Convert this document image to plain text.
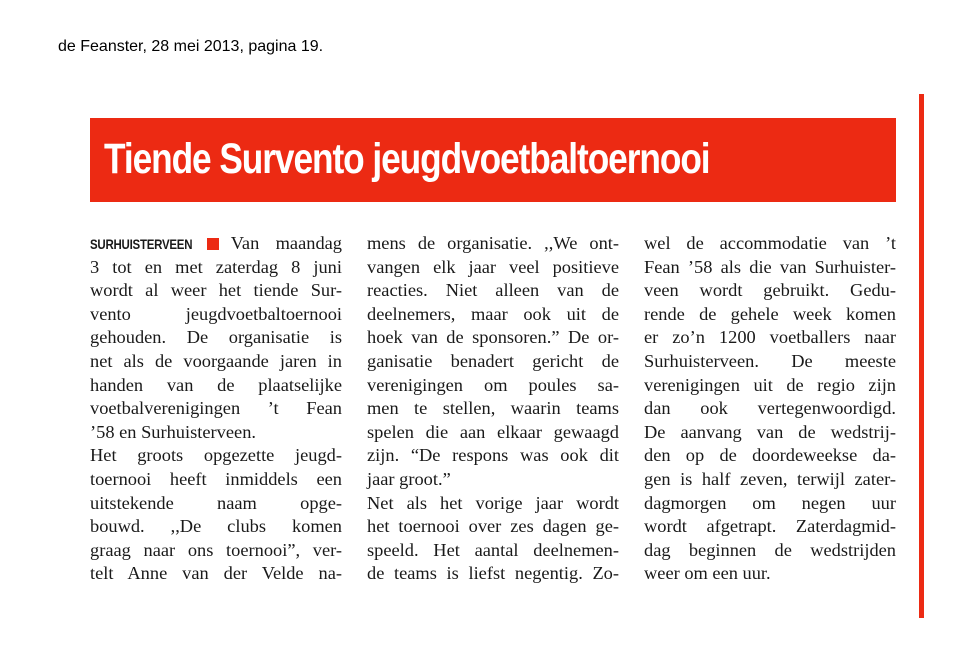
de Feanster, 28 mei 2013, pagina 19.
Tiende Survento jeugdvoetbaltoernooi
SURHUISTERVEEN Van maandag
3 tot en met zaterdag 8 juni
wordt al weer het tiende Sur-
vento jeugdvoetbaltoernooi
gehouden. De organisatie is
net als de voorgaande jaren in
handen van de plaatselijke
voetbalverenigingen ’t Fean
’58 en Surhuisterveen.
Het groots opgezette jeugd-
toernooi heeft inmiddels een
uitstekende naam opge-
bouwd. ,,De clubs komen
graag naar ons toernooi”, ver-
telt Anne van der Velde na-
mens de organisatie. ,,We ont-
vangen elk jaar veel positieve
reacties. Niet alleen van de
deelnemers, maar ook uit de
hoek van de sponsoren.” De or-
ganisatie benadert gericht de
verenigingen om poules sa-
men te stellen, waarin teams
spelen die aan elkaar gewaagd
zijn. “De respons was ook dit
jaar groot.”
Net als het vorige jaar wordt
het toernooi over zes dagen ge-
speeld. Het aantal deelnemen-
de teams is liefst negentig. Zo-
wel de accommodatie van ’t
Fean ’58 als die van Surhuister-
veen wordt gebruikt. Gedu-
rende de gehele week komen
er zo’n 1200 voetballers naar
Surhuisterveen. De meeste
verenigingen uit de regio zijn
dan ook vertegenwoordigd.
De aanvang van de wedstrij-
den op de doordeweekse da-
gen is half zeven, terwijl zater-
dagmorgen om negen uur
wordt afgetrapt. Zaterdagmid-
dag beginnen de wedstrijden
weer om een uur.
